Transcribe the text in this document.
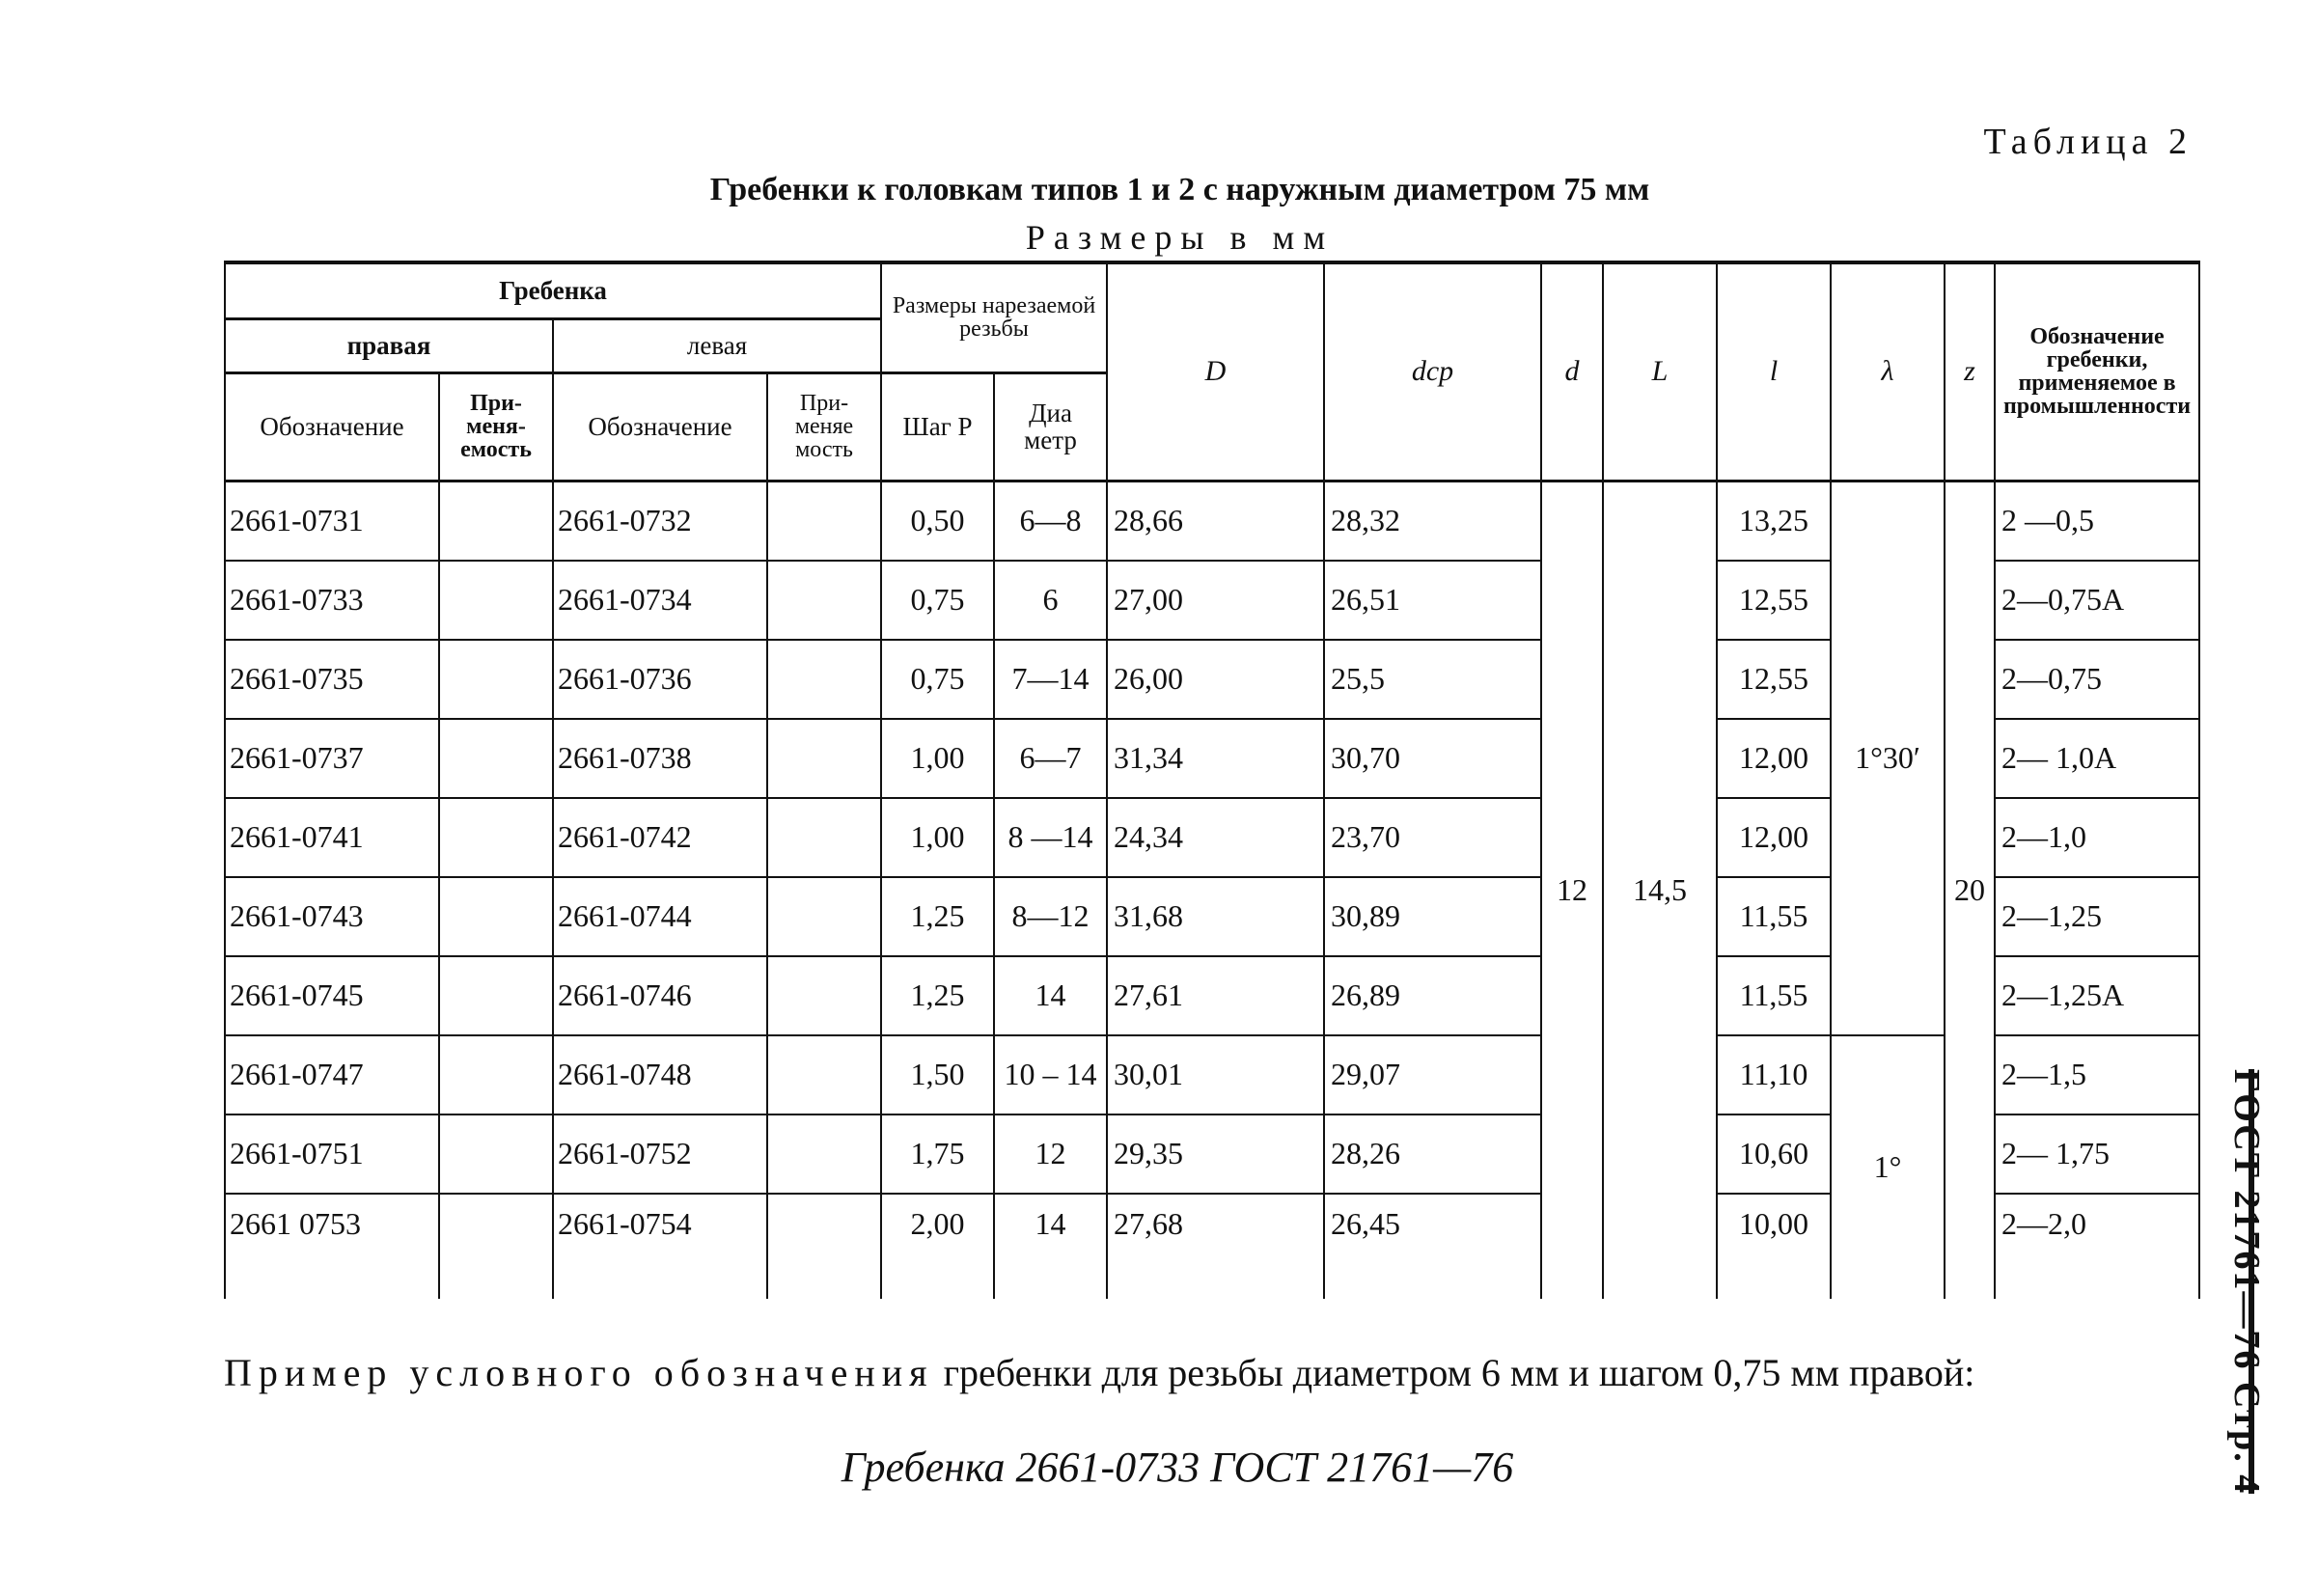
Таблица 2
Гребенки к головкам типов 1 и 2 с наружным диаметром 75 мм
Размеры в мм
Гребенка				Размеры нарезаемой резьбы		D	dср	d	L	l	λ	z	Обозначение гребенки, применяемое в промышленности
правая		левая											
Обозначение	При- меня- емость	Обозначение	При- меняе мость	Шаг P	Диа метр								
2661-0731		2661-0732		0,50	6—8	28,66	28,32	12	14,5	13,25	1°30′	20	2 —0,5
2661-0733		2661-0734		0,75	6	27,00	26,51			12,55			2—0,75А
2661-0735		2661-0736		0,75	7—14	26,00	25,5			12,55			2—0,75
2661-0737		2661-0738		1,00	6—7	31,34	30,70			12,00			2— 1,0А
2661-0741		2661-0742		1,00	8 —14	24,34	23,70			12,00			2—1,0
2661-0743		2661-0744		1,25	8—12	31,68	30,89			11,55			2—1,25
2661-0745		2661-0746		1,25	14	27,61	26,89			11,55			2—1,25А
2661-0747		2661-0748		1,50	10 – 14	30,01	29,07			11,10	1°		2—1,5
2661-0751		2661-0752		1,75	12	29,35	28,26			10,60			2— 1,75
2661 0753		2661-0754		2,00	14	27,68	26,45			10,00			2—2,0
Пример условного обозначения гребенки для резьбы диаметром 6 мм и шагом 0,75 мм правой:
Гребенка 2661-0733 ГОСТ 21761—76	ГОСТ 21761—76 Стр. 4
